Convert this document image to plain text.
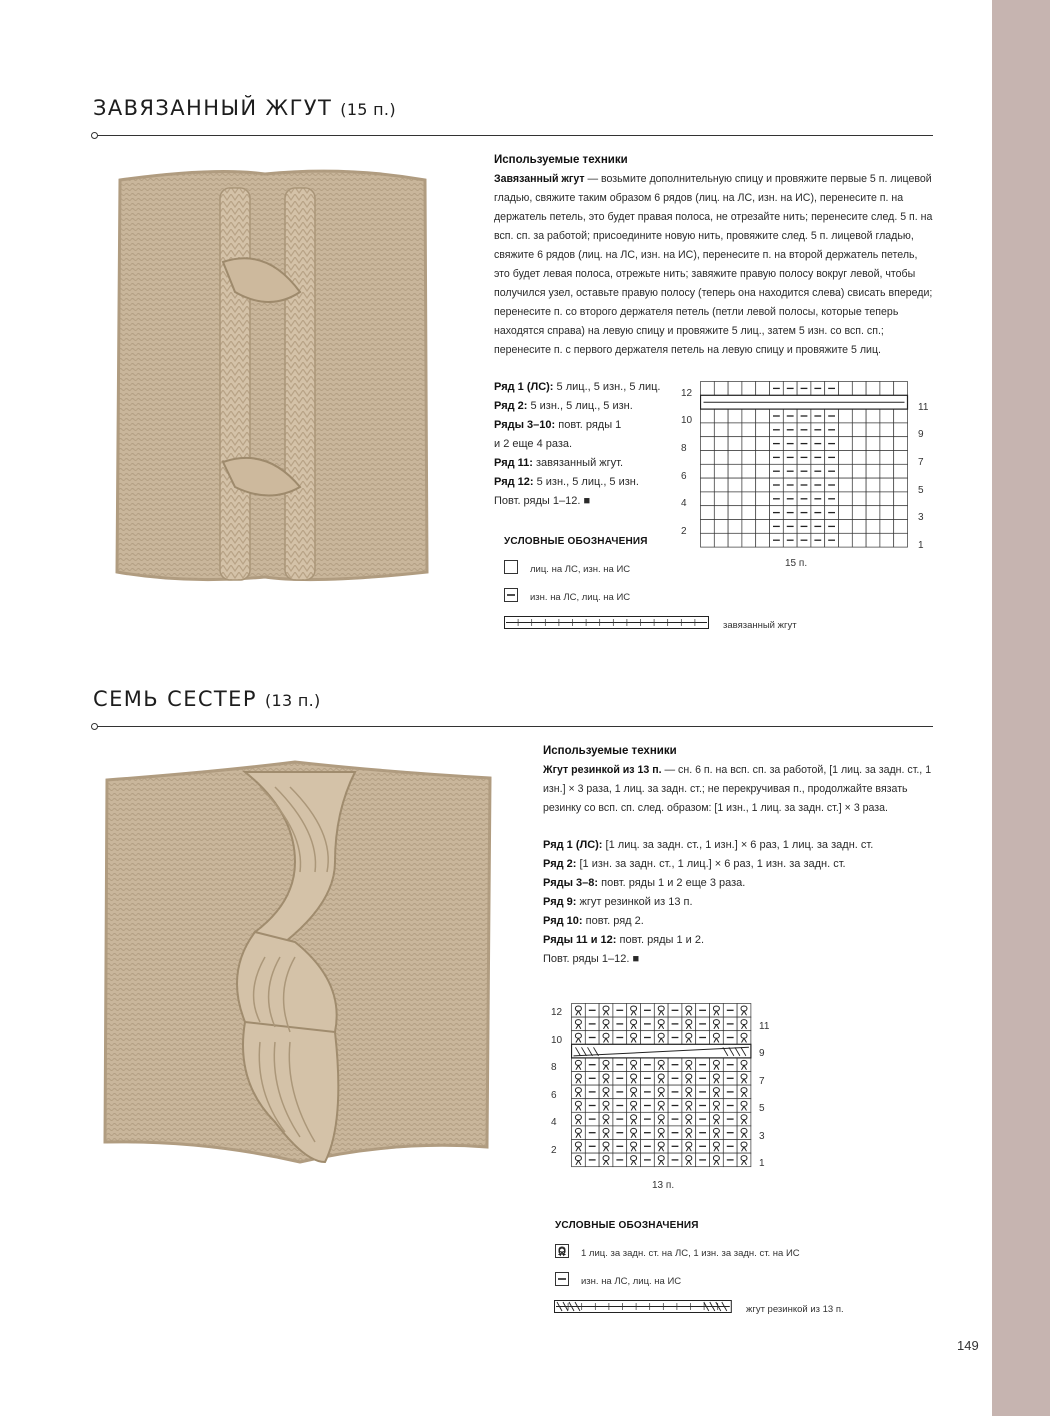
ЗАВЯЗАННЫЙ ЖГУТ (15 п.)
Используемые техники
Завязанный жгут — возьмите дополнительную спицу и провяжите первые 5 п. лицевой гладью, свяжите таким образом 6 рядов (лиц. на ЛС, изн. на ИС), перенесите п. на держатель петель, это будет правая полоса, не отрезайте нить; перенесите след. 5 п. на всп. сп. за работой; присоедините новую нить, провяжите след. 5 п. лицевой гладью, свяжите 6 рядов (лиц. на ЛС, изн. на ИС), перенесите п. на второй держатель петель, это будет левая полоса, отрежьте нить; завяжите правую полосу вокруг левой, чтобы получился узел, оставьте правую полосу (теперь она находится слева) свисать впереди; перенесите п. со второго держателя петель (петли левой полосы, которые теперь находятся справа) на левую спицу и провяжите 5 лиц., затем 5 изн. со всп. сп.; перенесите п. с первого держателя петель на левую спицу и провяжите 5 лиц.
Ряд 1 (ЛС): 5 лиц., 5 изн., 5 лиц.
Ряд 2: 5 изн., 5 лиц., 5 изн.
Ряды 3–10: повт. ряды 1
и 2 еще 4 раза.
Ряд 11: завязанный жгут.
Ряд 12: 5 изн., 5 лиц., 5 изн.
Повт. ряды 1–12. ■
12
10
8
6
4
2
11
9
7
5
3
1
15 п.
УСЛОВНЫЕ ОБОЗНАЧЕНИЯ
лиц. на ЛС, изн. на ИС
изн. на ЛС, лиц. на ИС
завязанный жгут
СЕМЬ СЕСТЕР (13 п.)
Используемые техники
Жгут резинкой из 13 п. — сн. 6 п. на всп. сп. за работой, [1 лиц. за задн. ст., 1 изн.] × 3 раза, 1 лиц. за задн. ст.; не перекручивая п., продолжайте вязать резинку со всп. сп. след. образом: [1 изн., 1 лиц. за задн. ст.] × 3 раза.
Ряд 1 (ЛС): [1 лиц. за задн. ст., 1 изн.] × 6 раз, 1 лиц. за задн. ст.
Ряд 2: [1 изн. за задн. ст., 1 лиц.] × 6 раз, 1 изн. за задн. ст.
Ряды 3–8: повт. ряды 1 и 2 еще 3 раза.
Ряд 9: жгут резинкой из 13 п.
Ряд 10: повт. ряд 2.
Ряды 11 и 12: повт. ряды 1 и 2.
Повт. ряды 1–12. ■
12
10
8
6
4
2
11
9
7
5
3
1
13 п.
УСЛОВНЫЕ ОБОЗНАЧЕНИЯ
𝛀 1 лиц. за задн. ст. на ЛС, 1 изн. за задн. ст. на ИС
изн. на ЛС, лиц. на ИС
жгут резинкой из 13 п.
149
